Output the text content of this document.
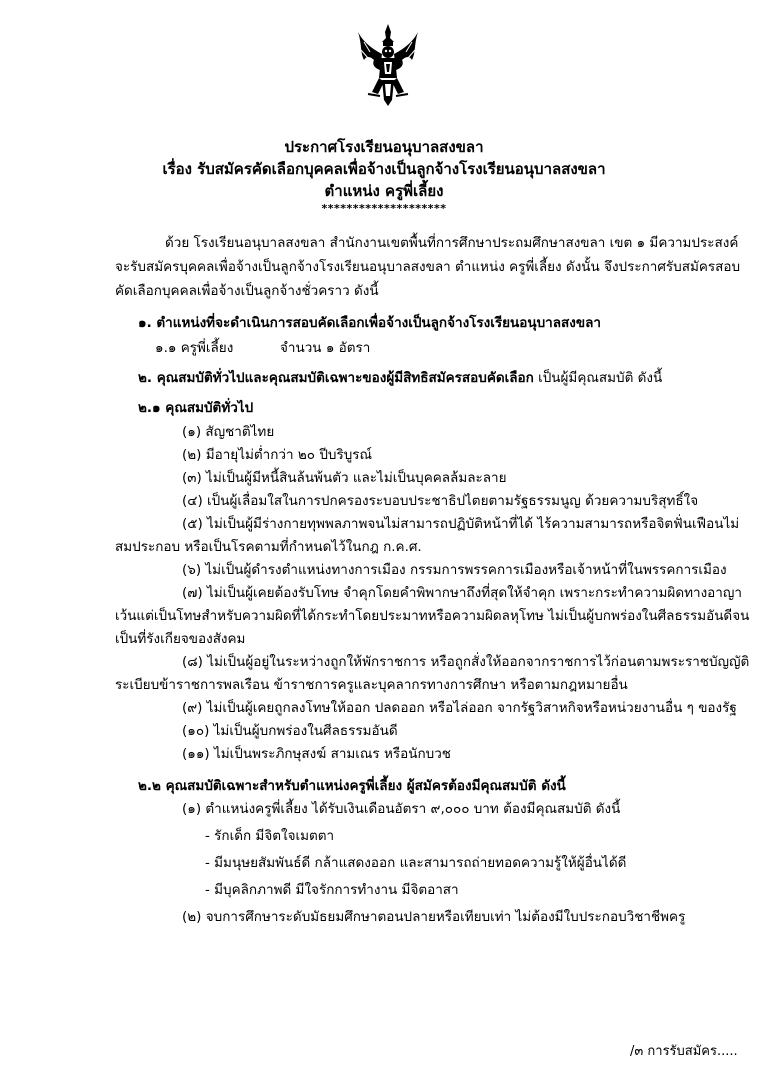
ประกาศโรงเรียนอนุบาลสงขลา
เรื่อง รับสมัครคัดเลือกบุคคลเพื่อจ้างเป็นลูกจ้างโรงเรียนอนุบาลสงขลา
ตำแหน่ง ครูพี่เลี้ยง
********************
ด้วย โรงเรียนอนุบาลสงขลา สำนักงานเขตพื้นที่การศึกษาประถมศึกษาสงขลา เขต ๑ มีความประสงค์
จะรับสมัครบุคคลเพื่อจ้างเป็นลูกจ้างโรงเรียนอนุบาลสงขลา ตำแหน่ง ครูพี่เลี้ยง ดังนั้น จึงประกาศรับสมัครสอบ
คัดเลือกบุคคลเพื่อจ้างเป็นลูกจ้างชั่วคราว ดังนี้
๑. ตำแหน่งที่จะดำเนินการสอบคัดเลือกเพื่อจ้างเป็นลูกจ้างโรงเรียนอนุบาลสงขลา
๑.๑ ครูพี่เลี้ยง	จำนวน ๑ อัตรา
๒. คุณสมบัติทั่วไปและคุณสมบัติเฉพาะของผู้มีสิทธิสมัครสอบคัดเลือก เป็นผู้มีคุณสมบัติ ดังนี้
๒.๑ คุณสมบัติทั่วไป
(๑) สัญชาติไทย
(๒) มีอายุไม่ต่ำกว่า ๒๐ ปีบริบูรณ์
(๓) ไม่เป็นผู้มีหนี้สินล้นพ้นตัว และไม่เป็นบุคคลล้มละลาย
(๔) เป็นผู้เลื่อมใสในการปกครองระบอบประชาธิปไตยตามรัฐธรรมนูญ ด้วยความบริสุทธิ์ใจ
(๕) ไม่เป็นผู้มีร่างกายทุพพลภาพจนไม่สามารถปฏิบัติหน้าที่ได้ ไร้ความสามารถหรือจิตฟั่นเฟือนไม่
สมประกอบ หรือเป็นโรคตามที่กำหนดไว้ในกฎ ก.ค.ศ.
(๖) ไม่เป็นผู้ดำรงตำแหน่งทางการเมือง กรรมการพรรคการเมืองหรือเจ้าหน้าที่ในพรรคการเมือง
(๗) ไม่เป็นผู้เคยต้องรับโทษ จำคุกโดยคำพิพากษาถึงที่สุดให้จำคุก เพราะกระทำความผิดทางอาญา
เว้นแต่เป็นโทษสำหรับความผิดที่ได้กระทำโดยประมาทหรือความผิดลหุโทษ ไม่เป็นผู้บกพร่องในศีลธรรมอันดีจน
เป็นที่รังเกียจของสังคม
(๘) ไม่เป็นผู้อยู่ในระหว่างถูกให้พักราชการ หรือถูกสั่งให้ออกจากราชการไว้ก่อนตามพระราชบัญญัติ
ระเบียบข้าราชการพลเรือน ข้าราชการครูและบุคลากรทางการศึกษา หรือตามกฎหมายอื่น
(๙) ไม่เป็นผู้เคยถูกลงโทษให้ออก ปลดออก หรือไล่ออก จากรัฐวิสาหกิจหรือหน่วยงานอื่น ๆ ของรัฐ
(๑๐) ไม่เป็นผู้บกพร่องในศีลธรรมอันดี
(๑๑) ไม่เป็นพระภิกษุสงฆ์ สามเณร หรือนักบวช
๒.๒ คุณสมบัติเฉพาะสำหรับตำแหน่งครูพี่เลี้ยง ผู้สมัครต้องมีคุณสมบัติ ดังนี้
(๑) ตำแหน่งครูพี่เลี้ยง ได้รับเงินเดือนอัตรา ๙,๐๐๐ บาท ต้องมีคุณสมบัติ ดังนี้
- รักเด็ก มีจิตใจเมตตา
- มีมนุษยสัมพันธ์ดี กล้าแสดงออก และสามารถถ่ายทอดความรู้ให้ผู้อื่นได้ดี
- มีบุคลิกภาพดี มีใจรักการทำงาน มีจิตอาสา
(๒) จบการศึกษาระดับมัธยมศึกษาตอนปลายหรือเทียบเท่า ไม่ต้องมีใบประกอบวิชาชีพครู
/๓ การรับสมัคร.....
